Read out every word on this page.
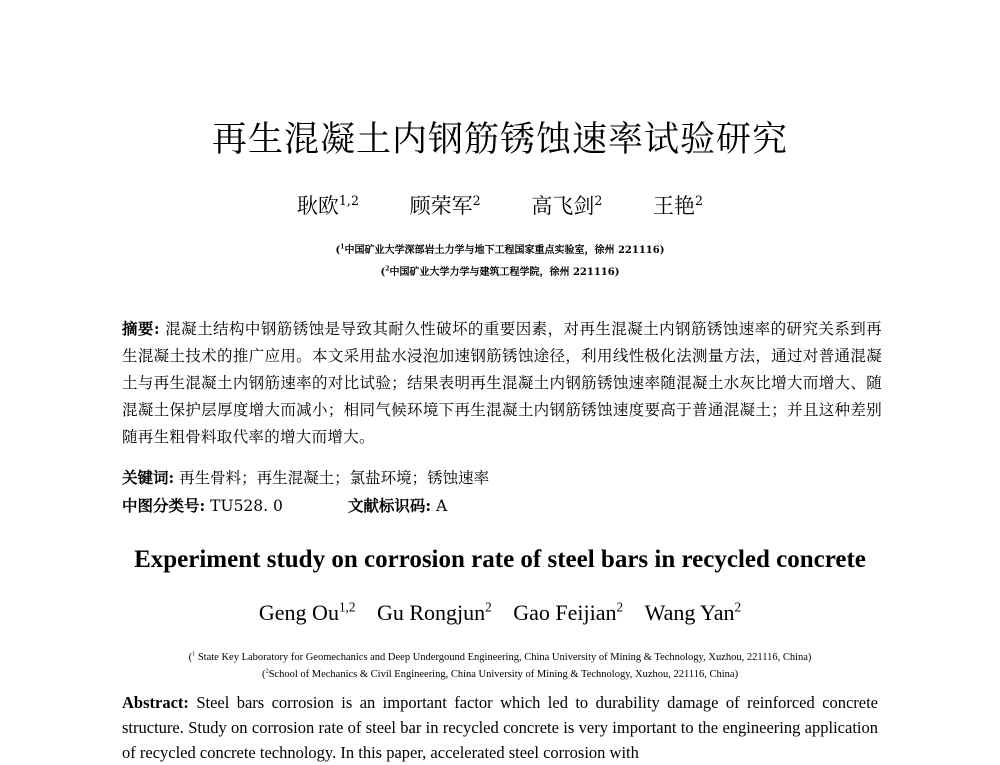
再生混凝土内钢筋锈蚀速率试验研究
耿欧$^{1,2}$ 顾荣军$^2$ 高飞剑$^2$ 王艳$^2$
($^1$中国矿业大学深部岩土力学与地下工程国家重点实验室，徐州 221116)
($^2$中国矿业大学力学与建筑工程学院，徐州 221116)
摘要: 混凝土结构中钢筋锈蚀是导致其耐久性破坏的重要因素，对再生混凝土内钢筋锈蚀速率的研究关系到再生混凝土技术的推广应用。本文采用盐水浸泡加速钢筋锈蚀途径，利用线性极化法测量方法，通过对普通混凝土与再生混凝土内钢筋速率的对比试验；结果表明再生混凝土内钢筋锈蚀速率随混凝土水灰比增大而增大、随混凝土保护层厚度增大而减小；相同气候环境下再生混凝土内钢筋锈蚀速度要高于普通混凝土；并且这种差别随再生粗骨料取代率的增大而增大。
关键词: 再生骨料；再生混凝土；氯盐环境；锈蚀速率
中图分类号: TU528. 0	文献标识码: A
Experiment study on corrosion rate of steel bars in recycled concrete
Geng Ou$^{1,2}$ Gu Rongjun$^2$ Gao Feijian$^2$ Wang Yan$^2$
($^1$ State Key Laboratory for Geomechanics and Deep Undergound Engineering, China University of Mining & Technology, Xuzhou, 221116, China)
($^2$School of Mechanics & Civil Engineering, China University of Mining & Technology, Xuzhou, 221116, China)
Abstract: Steel bars corrosion is an important factor which led to durability damage of reinforced concrete structure. Study on corrosion rate of steel bar in recycled concrete is very important to the engineering application of recycled concrete technology. In this paper, accelerated steel corrosion with
